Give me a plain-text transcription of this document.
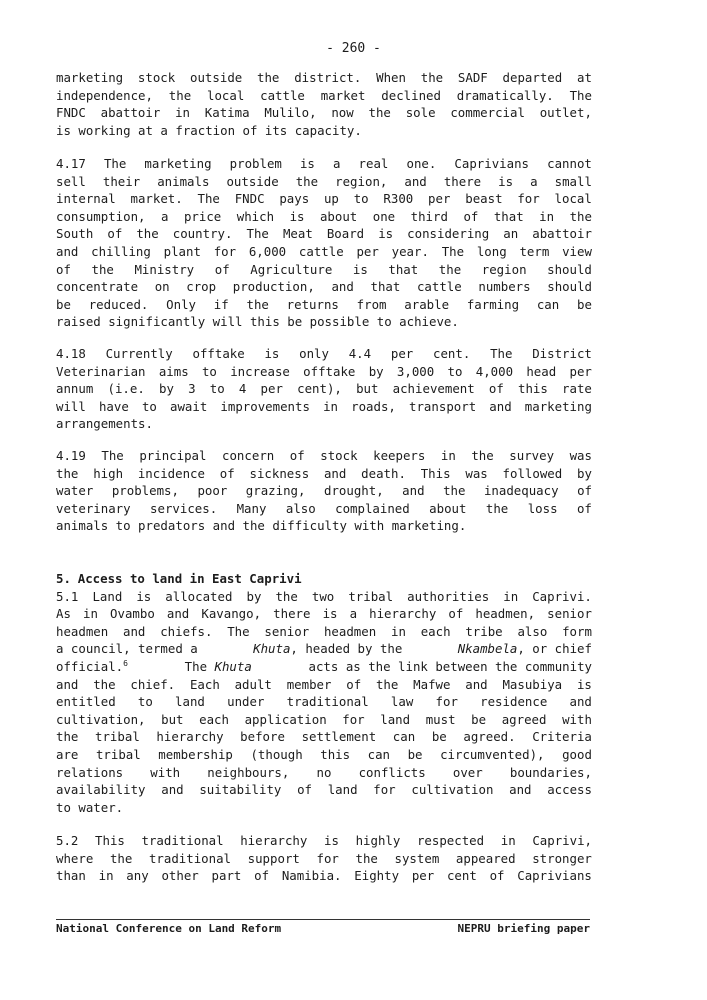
- 260 -
marketing stock outside the district. When the SADF departed at
independence, the local cattle market declined dramatically. The
FNDC abattoir in Katima Mulilo, now the sole commercial outlet,
is working at a fraction of its capacity.
4.17 The marketing problem is a real one. Caprivians cannot
sell their animals outside the region, and there is a small
internal market. The FNDC pays up to R300 per beast for local
consumption, a price which is about one third of that in the
South of the country. The Meat Board is considering an abattoir
and chilling plant for 6,000 cattle per year. The long term view
of the Ministry of Agriculture is that the region should
concentrate on crop production, and that cattle numbers should
be reduced. Only if the returns from arable farming can be
raised significantly will this be possible to achieve.
4.18 Currently offtake is only 4.4 per cent. The District
Veterinarian aims to increase offtake by 3,000 to 4,000 head per
annum (i.e. by 3 to 4 per cent), but achievement of this rate
will have to await improvements in roads, transport and marketing
arrangements.
4.19 The principal concern of stock keepers in the survey was
the high incidence of sickness and death. This was followed by
water problems, poor grazing, drought, and the inadequacy of
veterinary services. Many also complained about the loss of
animals to predators and the difficulty with marketing.
5. Access to land in East Caprivi
5.1 Land is allocated by the two tribal authorities in Caprivi.
As in Ovambo and Kavango, there is a hierarchy of headmen, senior
headmen and chiefs. The senior headmen in each tribe also form
a council, termed a	Khuta, headed by the	Nkambela, or chief
official.$^6$	The Khuta	acts as the link between the community
and the chief. Each adult member of the Mafwe and Masubiya is
entitled to land under traditional law for residence and
cultivation, but each application for land must be agreed with
the tribal hierarchy before settlement can be agreed. Criteria
are tribal membership (though this can be circumvented), good
relations with neighbours, no conflicts over boundaries,
availability and suitability of land for cultivation and access
to water.
5.2 This traditional hierarchy is highly respected in Caprivi,
where the traditional support for the system appeared stronger
than in any other part of Namibia. Eighty per cent of Caprivians
National Conference on Land Reform	NEPRU briefing paper
